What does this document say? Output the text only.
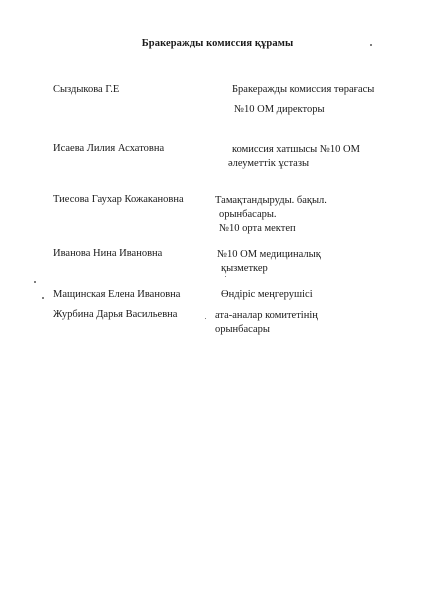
Бракеражды комиссия құрамы
Сыздыкова Г.Е	Бракеражды комиссия төрағасы
№10 ОМ директоры
Исаева Лилия Асхатовна	комиссия хатшысы №10 ОМ
әлеуметтік ұстазы
Тиесова Гаухар Кожакановна	Тамақтандыруды. бақыл.
орынбасары.
№10 орта мектеп
Иванова Нина Ивановна	№10 ОМ медициналық
қызметкер
Мащинская Елена Ивановна	Өндіріс меңгерушісі
Журбина Дарья Васильевна	ата-аналар комитетінің
орынбасары
